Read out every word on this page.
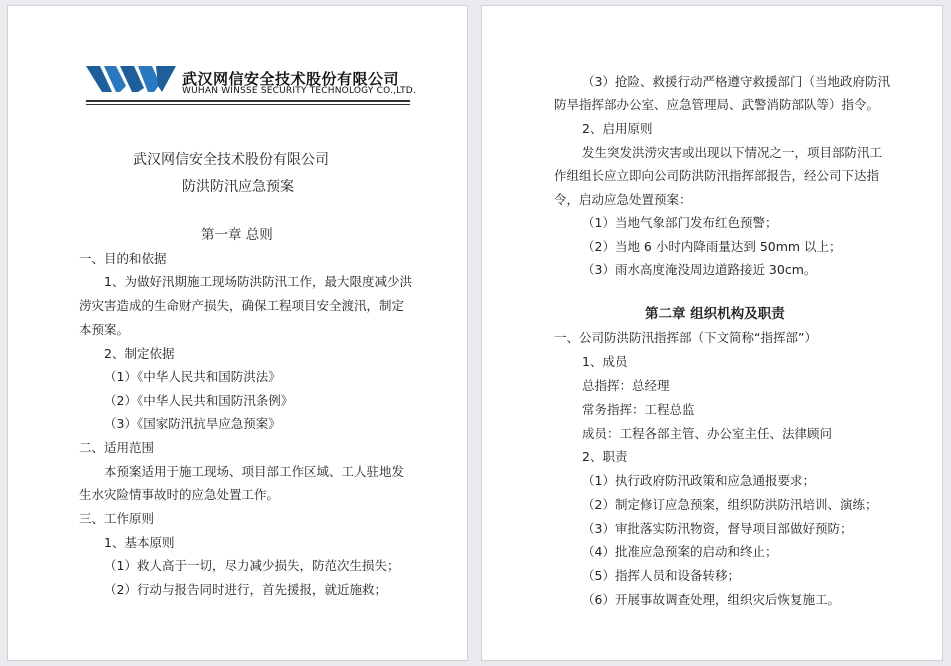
武汉网信安全技术股份有限公司
WUHAN WINSSE SECURITY TECHNOLOGY CO.,LTD.
武汉网信安全技术股份有限公司
防洪防汛应急预案
第一章 总则
一、目的和依据
1、为做好汛期施工现场防洪防汛工作，最大限度减少洪
涝灾害造成的生命财产损失，确保工程项目安全渡汛，制定
本预案。
2、制定依据
（1）《中华人民共和国防洪法》
（2）《中华人民共和国防汛条例》
（3）《国家防汛抗旱应急预案》
二、适用范围
本预案适用于施工现场、项目部工作区域、工人驻地发
生水灾险情事故时的应急处置工作。
三、工作原则
1、基本原则
（1）救人高于一切，尽力减少损失，防范次生损失；
（2）行动与报告同时进行，首先援报，就近施救；
（3）抢险、救援行动严格遵守救援部门（当地政府防汛
防旱指挥部办公室、应急管理局、武警消防部队等）指令。
2、启用原则
发生突发洪涝灾害或出现以下情况之一，项目部防汛工
作组组长应立即向公司防洪防汛指挥部报告，经公司下达指
令，启动应急处置预案：
（1）当地气象部门发布红色预警；
（2）当地 6 小时内降雨量达到 50mm 以上；
（3）雨水高度淹没周边道路接近 30cm。
第二章 组织机构及职责
一、公司防洪防汛指挥部（下文简称“指挥部”）
1、成员
总指挥：总经理
常务指挥：工程总监
成员：工程各部主管、办公室主任、法律顾问
2、职责
（1）执行政府防汛政策和应急通报要求；
（2）制定修订应急预案，组织防洪防汛培训、演练；
（3）审批落实防汛物资，督导项目部做好预防；
（4）批准应急预案的启动和终止；
（5）指挥人员和设备转移；
（6）开展事故调查处理，组织灾后恢复施工。
